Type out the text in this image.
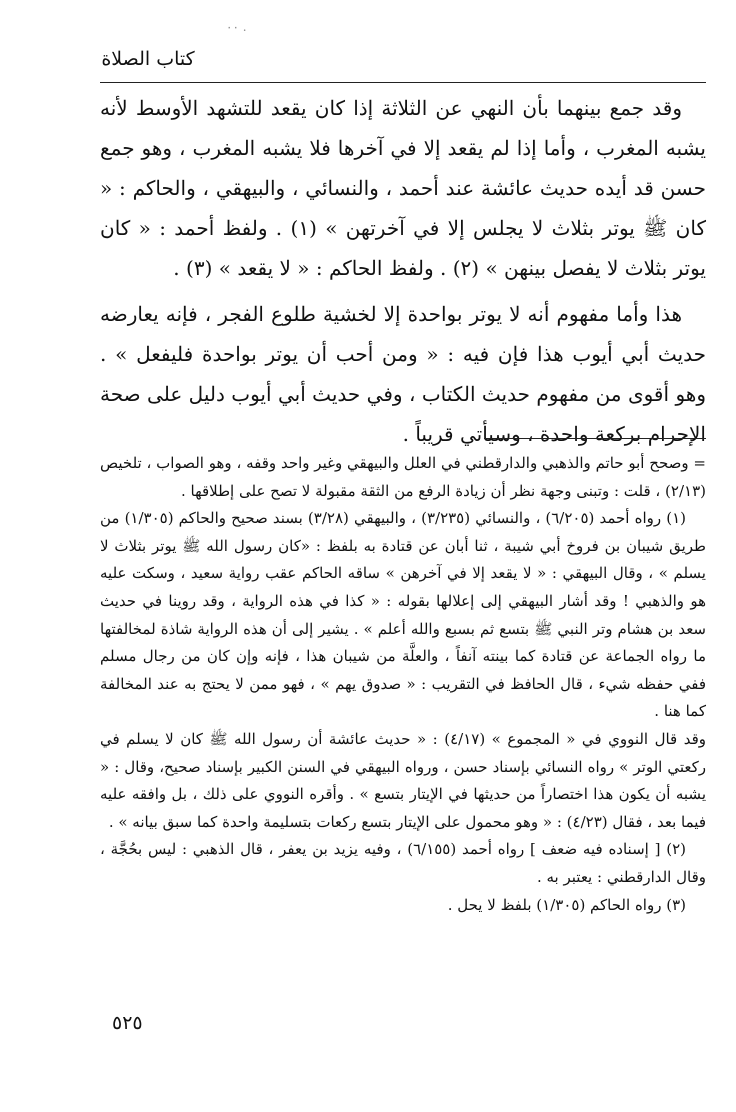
٠٠ .
كتاب الصلاة

وقد جمع بينهما بأن النهي عن الثلاثة إذا كان يقعد للتشهد الأوسط لأنه يشبه المغرب ، وأما إذا لم يقعد إلا في آخرها فلا يشبه المغرب ، وهو جمع حسن قد أيده حديث عائشة عند أحمد ، والنسائي ، والبيهقي ، والحاكم : « كان ﷺ يوتر بثلاث لا يجلس إلا في آخرتهن » (١) . ولفظ أحمد : « كان يوتر بثلاث لا يفصل بينهن » (٢) . ولفظ الحاكم : « لا يقعد » (٣) .

هذا وأما مفهوم أنه لا يوتر بواحدة إلا لخشية طلوع الفجر ، فإنه يعارضه حديث أبي أيوب هذا فإن فيه : « ومن أحب أن يوتر بواحدة فليفعل » . وهو أقوى من مفهوم حديث الكتاب ، وفي حديث أبي أيوب دليل على صحة الإحرام بركعة واحدة ، وسيأتي قريباً .

= وصحح أبو حاتم والذهبي والدارقطني في العلل والبيهقي وغير واحد وقفه ، وهو الصواب ، تلخيص (٢/١٣) ، قلت : وتبنى وجهة نظر أن زيادة الرفع من الثقة مقبولة لا تصح على إطلاقها .

(١) رواه أحمد (٦/٢٠٥) ، والنسائي (٣/٢٣٥) ، والبيهقي (٣/٢٨) بسند صحيح والحاكم (١/٣٠٥) من طريق شيبان بن فروخ أبي شيبة ، ثنا أبان عن قتادة به بلفظ : «كان رسول الله ﷺ يوتر بثلاث لا يسلم » ، وقال البيهقي : « لا يقعد إلا في آخرهن » ساقه الحاكم عقب رواية سعيد ، وسكت عليه هو والذهبي ! وقد أشار البيهقي إلى إعلالها بقوله : « كذا في هذه الرواية ، وقد روينا في حديث سعد بن هشام وتر النبي ﷺ بتسع ثم بسبع والله أعلم » . يشير إلى أن هذه الرواية شاذة لمخالفتها ما رواه الجماعة عن قتادة كما بينته آنفاً ، والعلَّة من شيبان هذا ، فإنه وإن كان من رجال مسلم ففي حفظه شيء ، قال الحافظ في التقريب : « صدوق يهم » ، فهو ممن لا يحتج به عند المخالفة كما هنا .

وقد قال النووي في « المجموع » (٤/١٧) : « حديث عائشة أن رسول الله ﷺ كان لا يسلم في ركعتي الوتر » رواه النسائي بإسناد حسن ، ورواه البيهقي في السنن الكبير بإسناد صحيح، وقال : « يشبه أن يكون هذا اختصاراً من حديثها في الإيتار بتسع » . وأقره النووي على ذلك ، بل وافقه عليه فيما بعد ، فقال (٤/٢٣) : « وهو محمول على الإيتار بتسع ركعات بتسليمة واحدة كما سبق بيانه » .

(٢) [ إسناده فيه ضعف ] رواه أحمد (٦/١٥٥) ، وفيه يزيد بن يعفر ، قال الذهبي : ليس بحُجَّة ، وقال الدارقطني : يعتبر به .

(٣) رواه الحاكم (١/٣٠٥) بلفظ لا يحل .

٥٢٥
